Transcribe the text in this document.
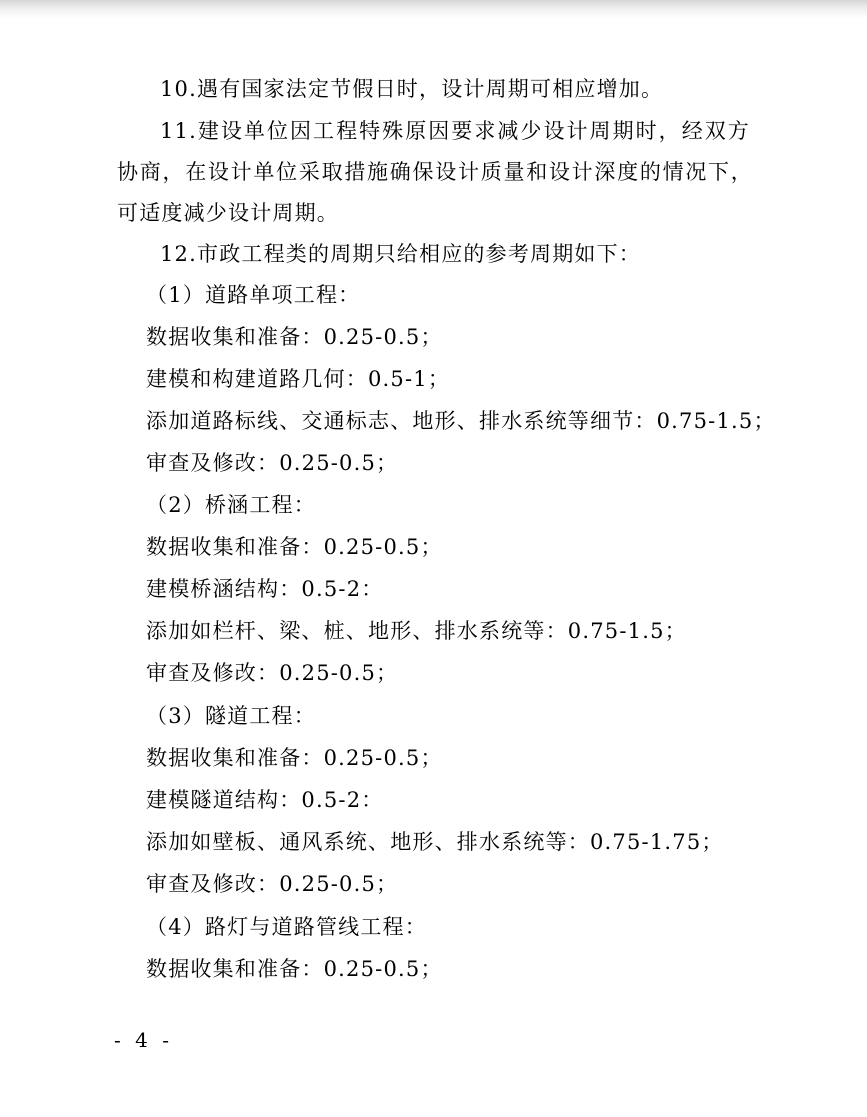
10.遇有国家法定节假日时，设计周期可相应增加。
11.建设单位因工程特殊原因要求减少设计周期时，经双方
协商，在设计单位采取措施确保设计质量和设计深度的情况下，
可适度减少设计周期。
12.市政工程类的周期只给相应的参考周期如下：
（1）道路单项工程：
数据收集和准备：0.25-0.5；
建模和构建道路几何：0.5-1；
添加道路标线、交通标志、地形、排水系统等细节：0.75-1.5；
审查及修改：0.25-0.5；
（2）桥涵工程：
数据收集和准备：0.25-0.5；
建模桥涵结构：0.5-2：
添加如栏杆、梁、桩、地形、排水系统等：0.75-1.5；
审查及修改：0.25-0.5；
（3）隧道工程：
数据收集和准备：0.25-0.5；
建模隧道结构：0.5-2：
添加如壁板、通风系统、地形、排水系统等：0.75-1.75；
审查及修改：0.25-0.5；
（4）路灯与道路管线工程：
数据收集和准备：0.25-0.5；
- 4 -
